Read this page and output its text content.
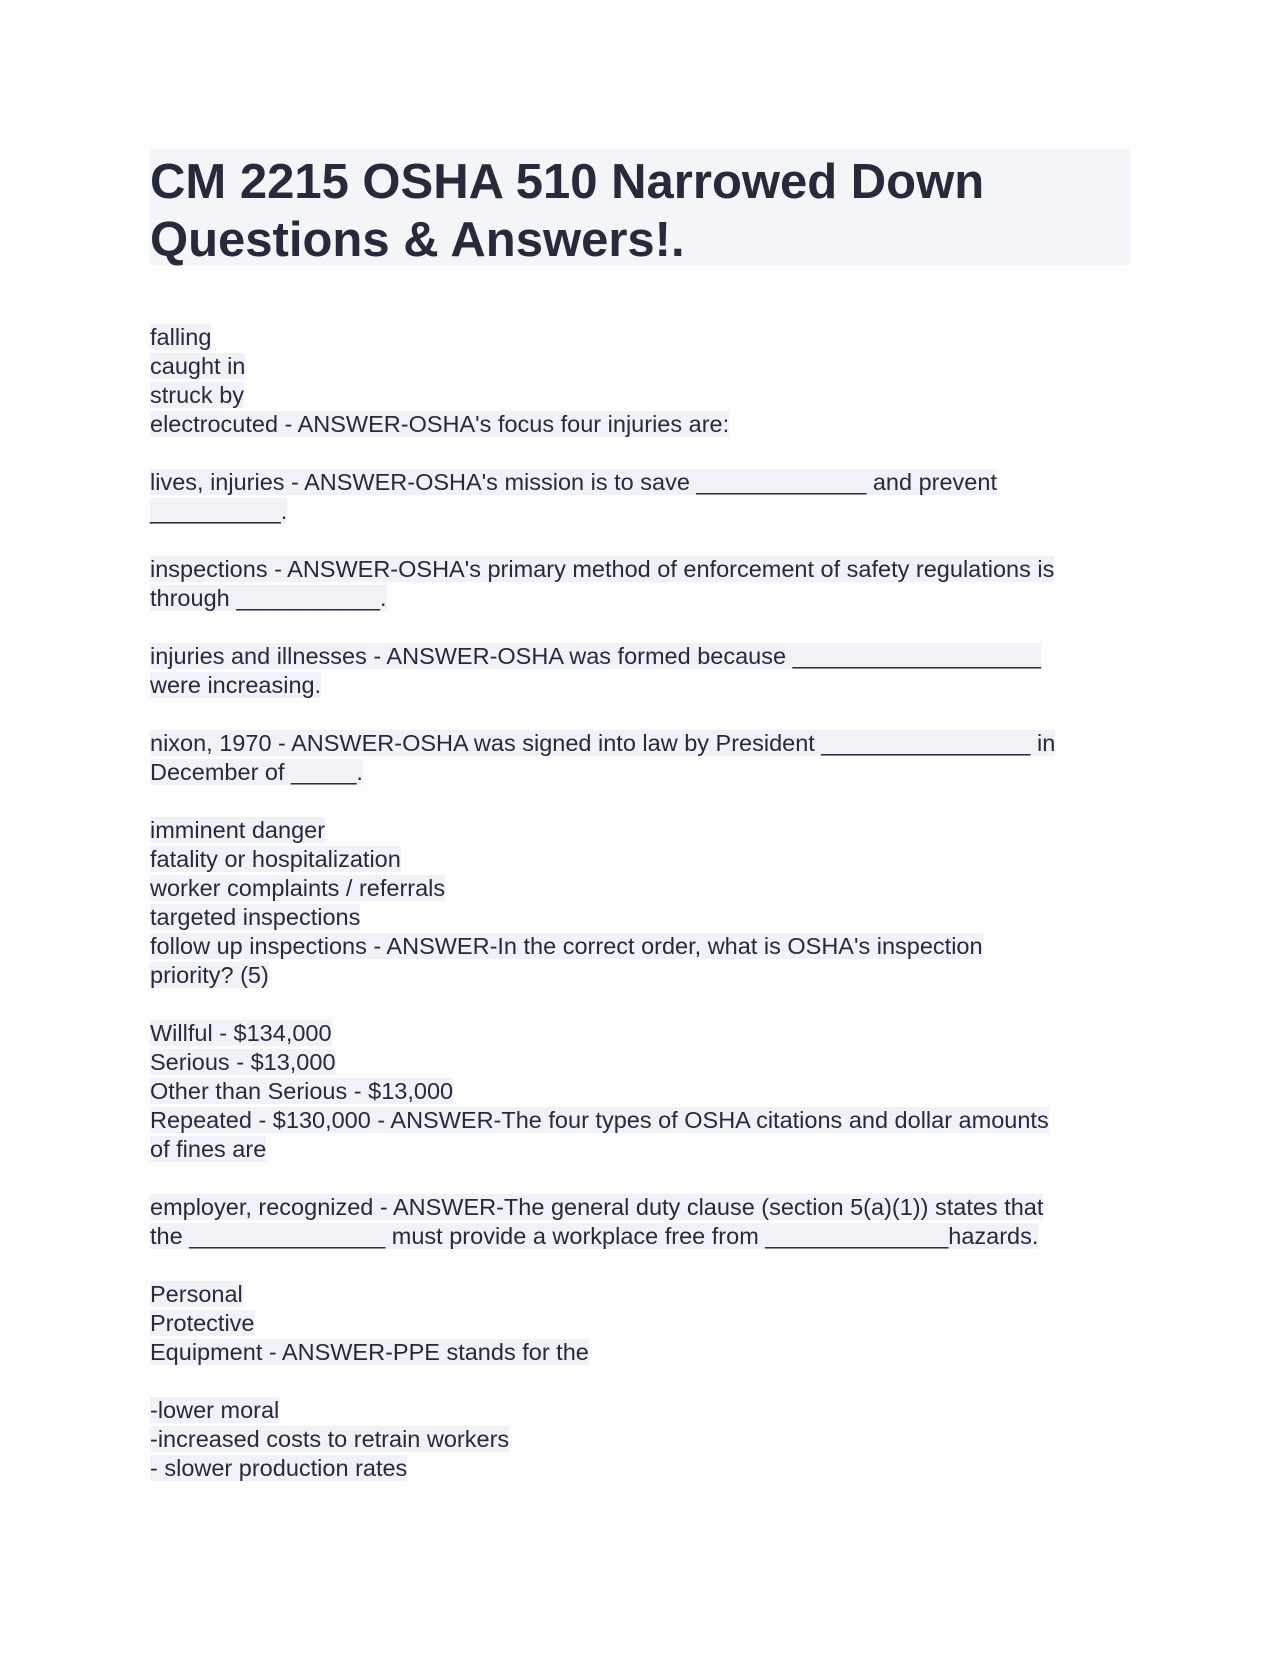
CM 2215 OSHA 510 Narrowed Down
Questions & Answers!.
falling
caught in
struck by
electrocuted - ANSWER-OSHA's focus four injuries are:
lives, injuries - ANSWER-OSHA's mission is to save _____________ and prevent
__________.
inspections - ANSWER-OSHA's primary method of enforcement of safety regulations is
through ___________.
injuries and illnesses - ANSWER-OSHA was formed because ___________________
were increasing.
nixon, 1970 - ANSWER-OSHA was signed into law by President ________________ in
December of _____.
imminent danger
fatality or hospitalization
worker complaints / referrals
targeted inspections
follow up inspections - ANSWER-In the correct order, what is OSHA's inspection
priority? (5)
Willful - $134,000
Serious - $13,000
Other than Serious - $13,000
Repeated - $130,000 - ANSWER-The four types of OSHA citations and dollar amounts
of fines are
employer, recognized - ANSWER-The general duty clause (section 5(a)(1)) states that
the _______________ must provide a workplace free from ______________hazards.
Personal
Protective
Equipment - ANSWER-PPE stands for the
-lower moral
-increased costs to retrain workers
- slower production rates
